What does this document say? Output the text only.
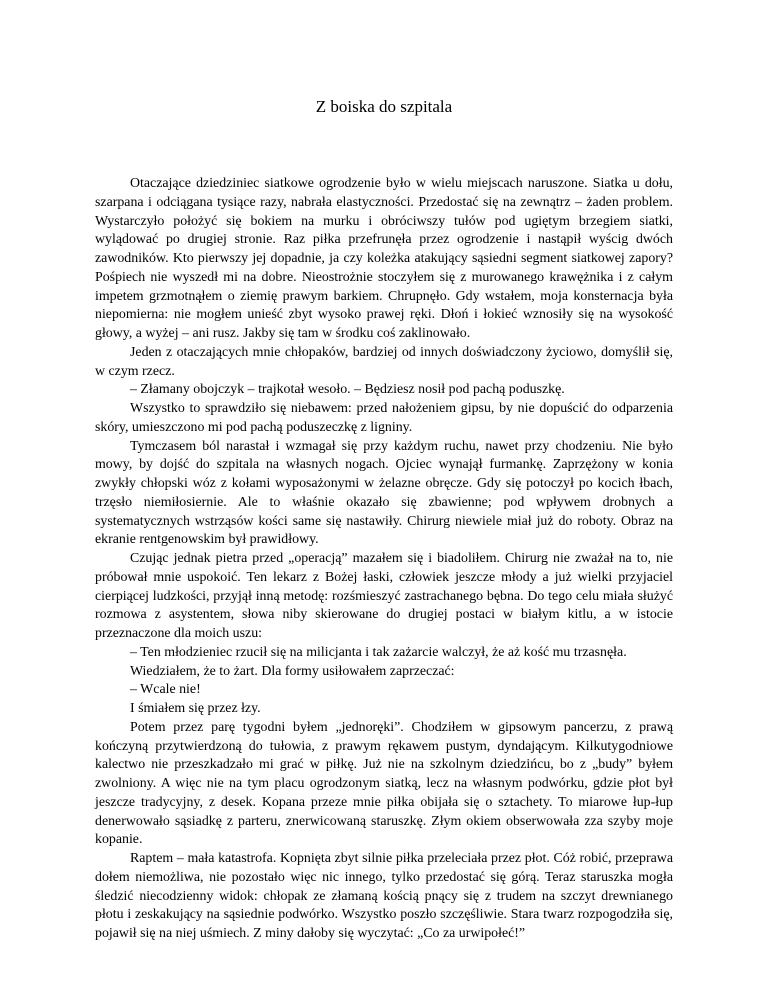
Z boiska do szpitala

Otaczające dziedziniec siatkowe ogrodzenie było w wielu miejscach naruszone. Siatka u dołu, szarpana i odciągana tysiące razy, nabrała elastyczności. Przedostać się na zewnątrz – żaden problem. Wystarczyło położyć się bokiem na murku i obróciwszy tułów pod ugiętym brzegiem siatki, wylądować po drugiej stronie. Raz piłka przefrunęła przez ogrodzenie i nastąpił wyścig dwóch zawodników. Kto pierwszy jej dopadnie, ja czy koleżka atakujący sąsiedni segment siatkowej zapory? Pośpiech nie wyszedł mi na dobre. Nieostrożnie stoczyłem się z murowanego krawężnika i z całym impetem grzmotnąłem o ziemię prawym barkiem. Chrupnęło. Gdy wstałem, moja konsternacja była niepomierna: nie mogłem unieść zbyt wysoko prawej ręki. Dłoń i łokieć wznosiły się na wysokość głowy, a wyżej – ani rusz. Jakby się tam w środku coś zaklinowało.

Jeden z otaczających mnie chłopaków, bardziej od innych doświadczony życiowo, domyślił się, w czym rzecz.

– Złamany obojczyk – trajkotał wesoło. – Będziesz nosił pod pachą poduszkę.

Wszystko to sprawdziło się niebawem: przed nałożeniem gipsu, by nie dopuścić do odparzenia skóry, umieszczono mi pod pachą poduszeczkę z ligniny.

Tymczasem ból narastał i wzmagał się przy każdym ruchu, nawet przy chodzeniu. Nie było mowy, by dojść do szpitala na własnych nogach. Ojciec wynajął furmankę. Zaprzężony w konia zwykły chłopski wóz z kołami wyposażonymi w żelazne obręcze. Gdy się potoczył po kocich łbach, trzęsło niemiłosiernie. Ale to właśnie okazało się zbawienne; pod wpływem drobnych a systematycznych wstrząsów kości same się nastawiły. Chirurg niewiele miał już do roboty. Obraz na ekranie rentgenowskim był prawidłowy.

Czując jednak pietra przed „operacją” mazałem się i biadoliłem. Chirurg nie zważał na to, nie próbował mnie uspokoić. Ten lekarz z Bożej łaski, człowiek jeszcze młody a już wielki przyjaciel cierpiącej ludzkości, przyjął inną metodę: rozśmieszyć zastrachanego bębna. Do tego celu miała służyć rozmowa z asystentem, słowa niby skierowane do drugiej postaci w białym kitlu, a w istocie przeznaczone dla moich uszu:

– Ten młodzieniec rzucił się na milicjanta i tak zażarcie walczył, że aż kość mu trzasnęła.

Wiedziałem, że to żart. Dla formy usiłowałem zaprzeczać:

– Wcale nie!

I śmiałem się przez łzy.

Potem przez parę tygodni byłem „jednoręki”. Chodziłem w gipsowym pancerzu, z prawą kończyną przytwierdzoną do tułowia, z prawym rękawem pustym, dyndającym. Kilkutygodniowe kalectwo nie przeszkadzało mi grać w piłkę. Już nie na szkolnym dziedzińcu, bo z „budy” byłem zwolniony. A więc nie na tym placu ogrodzonym siatką, lecz na własnym podwórku, gdzie płot był jeszcze tradycyjny, z desek. Kopana przeze mnie piłka obijała się o sztachety. To miarowe łup-łup denerwowało sąsiadkę z parteru, znerwicowaną staruszkę. Złym okiem obserwowała zza szyby moje kopanie.

Raptem – mała katastrofa. Kopnięta zbyt silnie piłka przeleciała przez płot. Cóż robić, przeprawa dołem niemożliwa, nie pozostało więc nic innego, tylko przedostać się górą. Teraz staruszka mogła śledzić niecodzienny widok: chłopak ze złamaną kością pnący się z trudem na szczyt drewnianego płotu i zeskakujący na sąsiednie podwórko. Wszystko poszło szczęśliwie. Stara twarz rozpogodziła się, pojawił się na niej uśmiech. Z miny dałoby się wyczytać: „Co za urwipołeć!”
